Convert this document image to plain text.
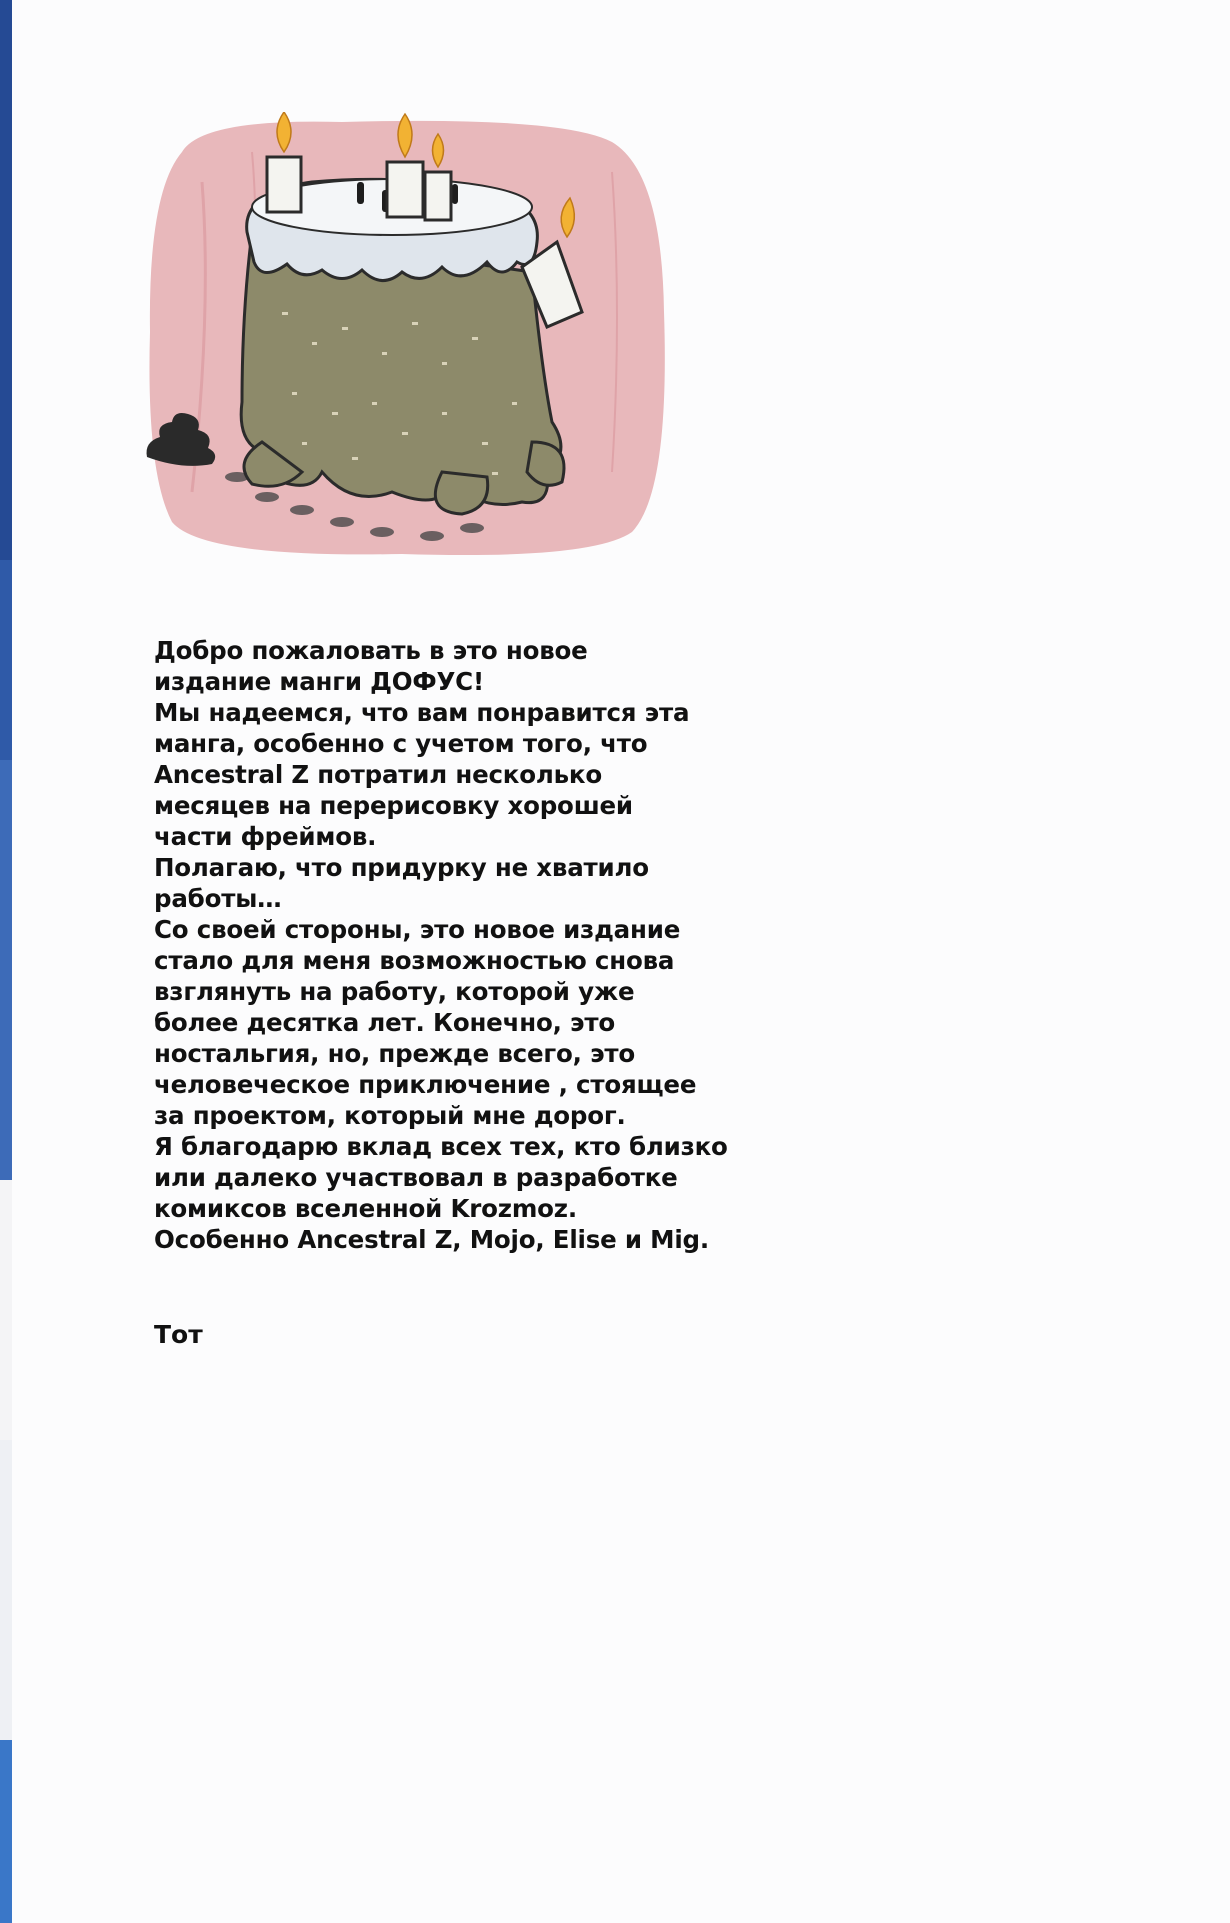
Добро пожаловать в это новое
издание манги ДОФУС!
Мы надеемся, что вам понравится эта
манга, особенно с учетом того, что
Ancestral Z потратил несколько
месяцев на перерисовку хорошей
части фреймов.
Полагаю, что придурку не хватило
работы…
Со своей стороны, это новое издание
стало для меня возможностью снова
взглянуть на работу, которой уже
более десятка лет. Конечно, это
ностальгия, но, прежде всего, это
человеческое приключение , стоящее
за проектом, который мне дорог.
Я благодарю вклад всех тех, кто близко
или далеко участвовал в разработке
комиксов вселенной Krozmoz.
Особенно Ancestral Z, Mojo, Elise и Mig.
Тот
